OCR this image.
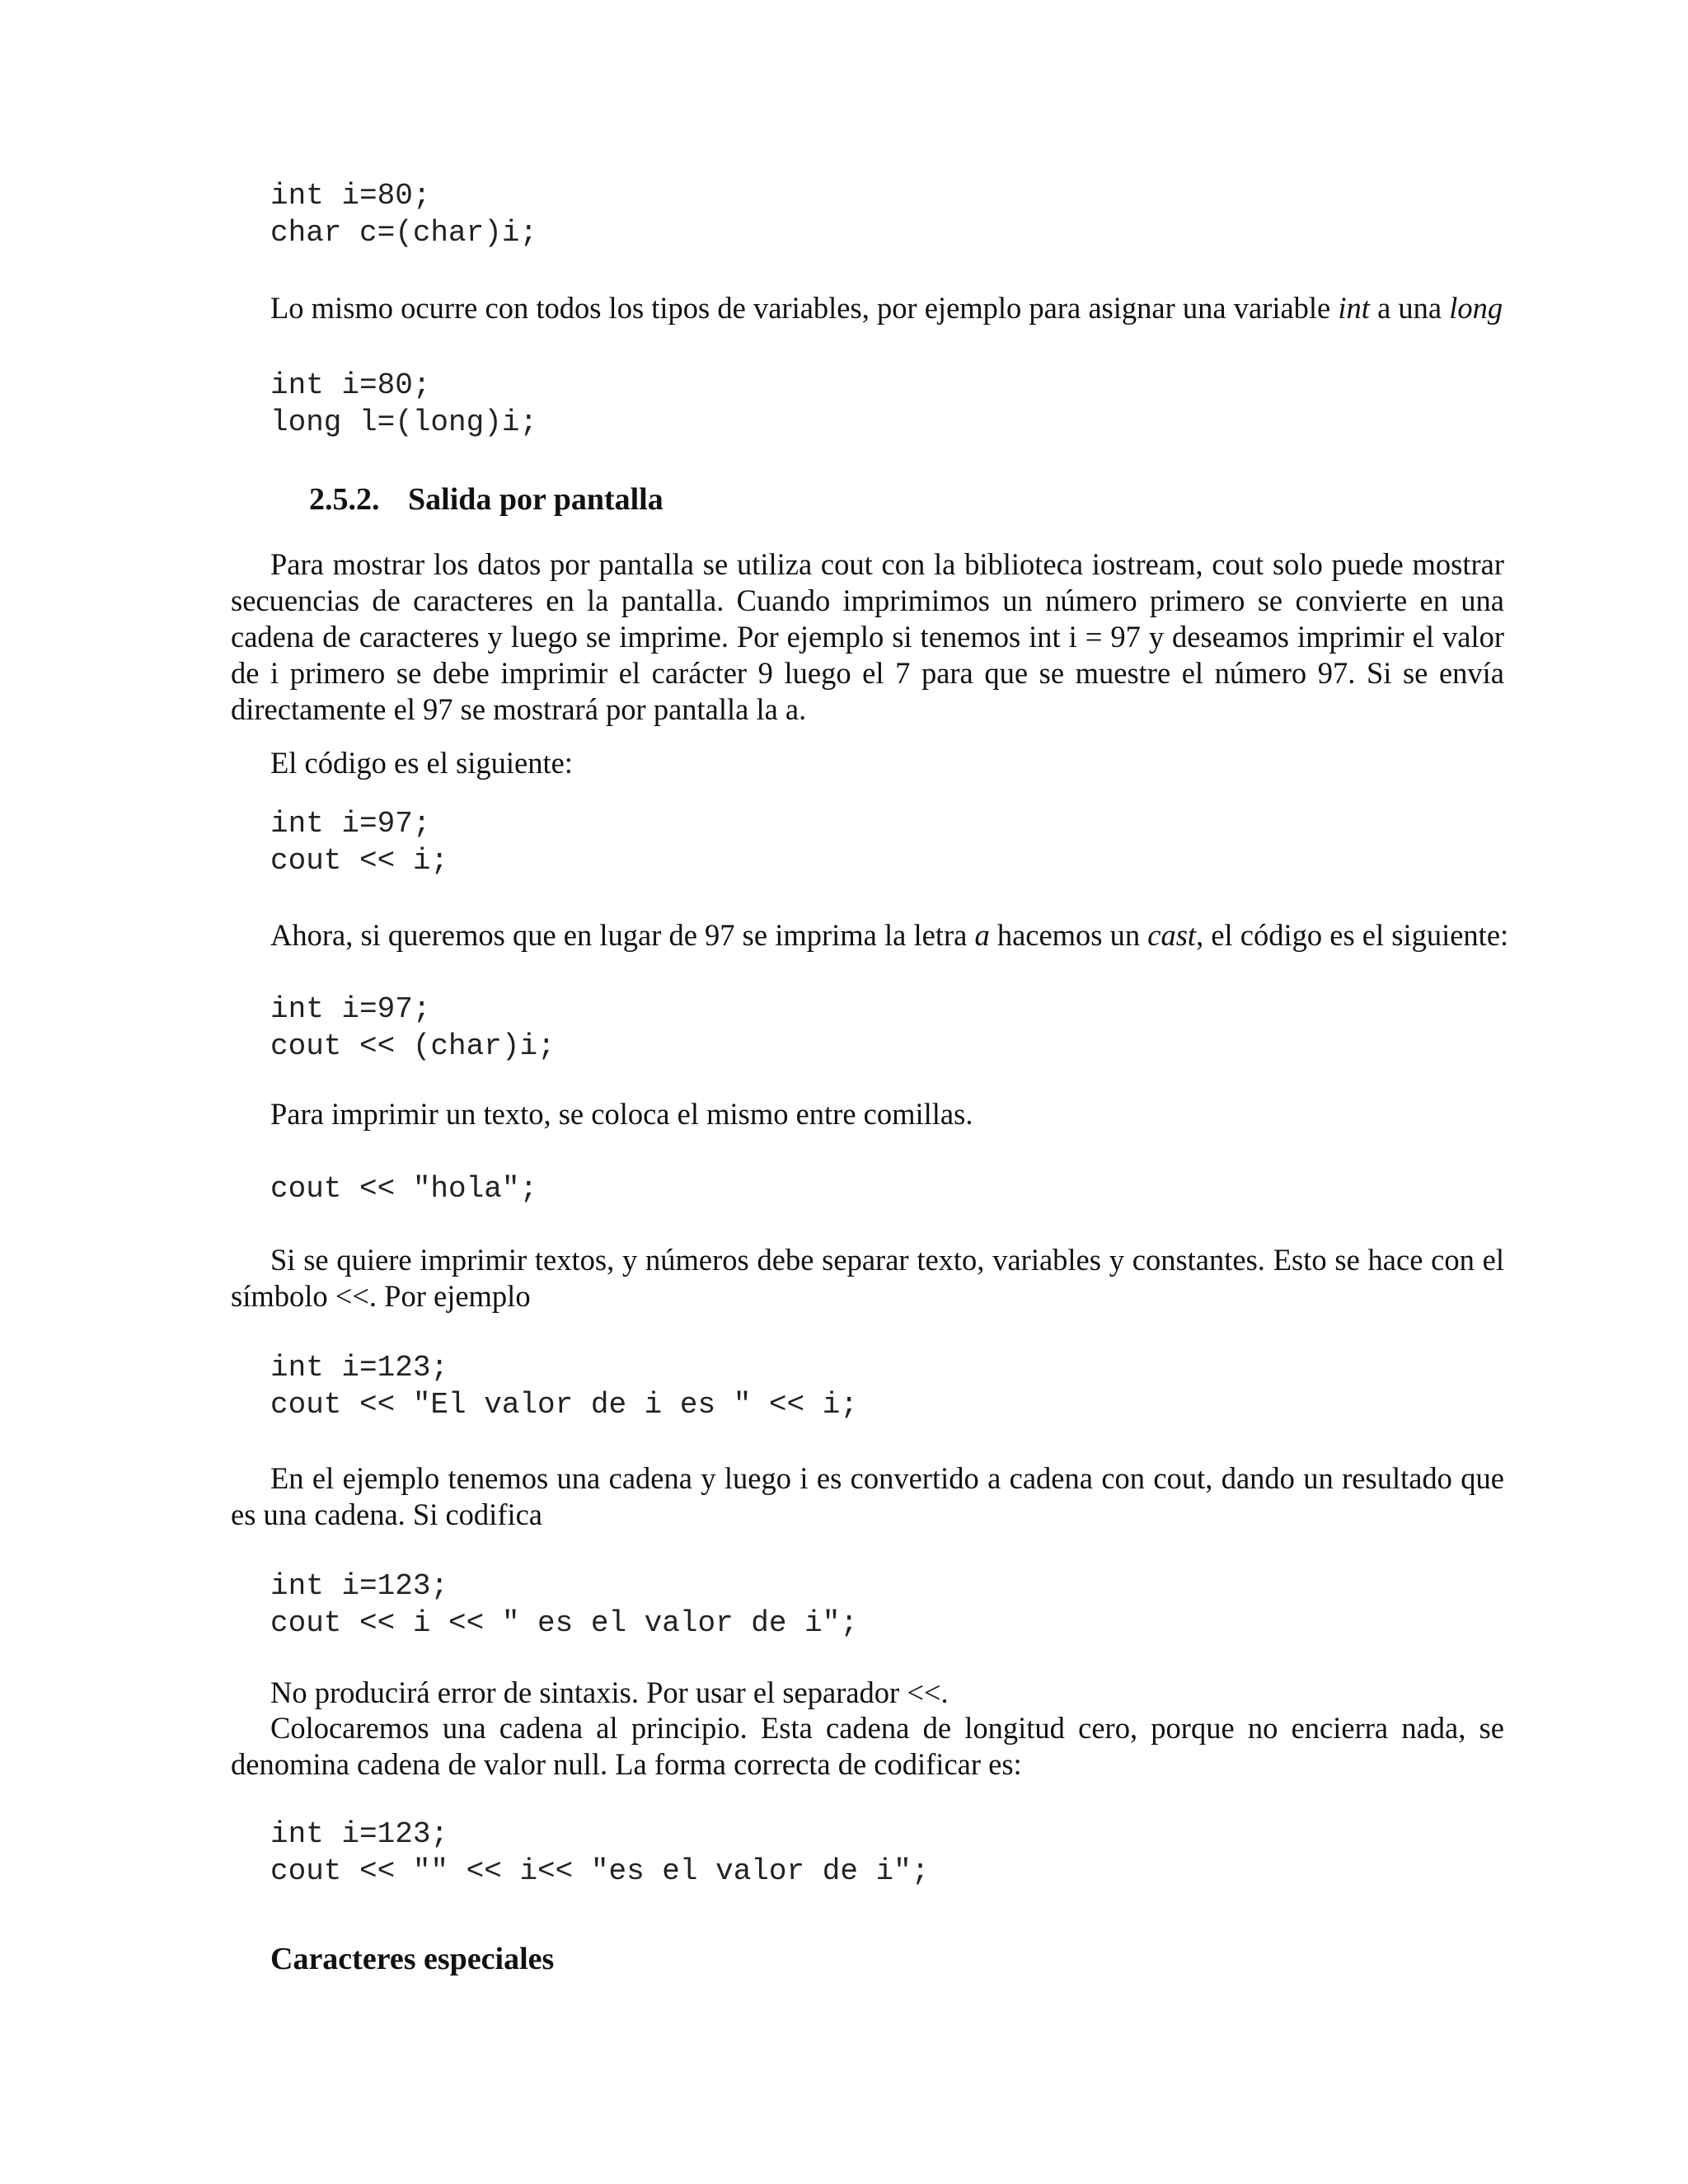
int i=80;
char c=(char)i;

Lo mismo ocurre con todos los tipos de variables, por ejemplo para asignar una variable int a una long

int i=80;
long l=(long)i;
2.5.2. Salida por pantalla

Para mostrar los datos por pantalla se utiliza cout con la biblioteca iostream, cout solo puede mostrar secuencias de caracteres en la pantalla. Cuando imprimimos un número primero se convierte en una cadena de caracteres y luego se imprime. Por ejemplo si tenemos int i = 97 y deseamos imprimir el valor de i primero se debe imprimir el carácter 9 luego el 7 para que se muestre el número 97. Si se envía directamente el 97 se mostrará por pantalla la a.

El código es el siguiente:

int i=97;
cout << i;

Ahora, si queremos que en lugar de 97 se imprima la letra a hacemos un cast, el código es el siguiente:

int i=97;
cout << (char)i;

Para imprimir un texto, se coloca el mismo entre comillas.

cout << "hola";

Si se quiere imprimir textos, y números debe separar texto, variables y constantes. Esto se hace con el símbolo <<. Por ejemplo

int i=123;
cout << "El valor de i es " << i;

En el ejemplo tenemos una cadena y luego i es convertido a cadena con cout, dando un resultado que es una cadena. Si codifica

int i=123;
cout << i << " es el valor de i";

No producirá error de sintaxis. Por usar el separador <<.

Colocaremos una cadena al principio. Esta cadena de longitud cero, porque no encierra nada, se denomina cadena de valor null. La forma correcta de codificar es:

int i=123;
cout << "" << i<< "es el valor de i";
Caracteres especiales
